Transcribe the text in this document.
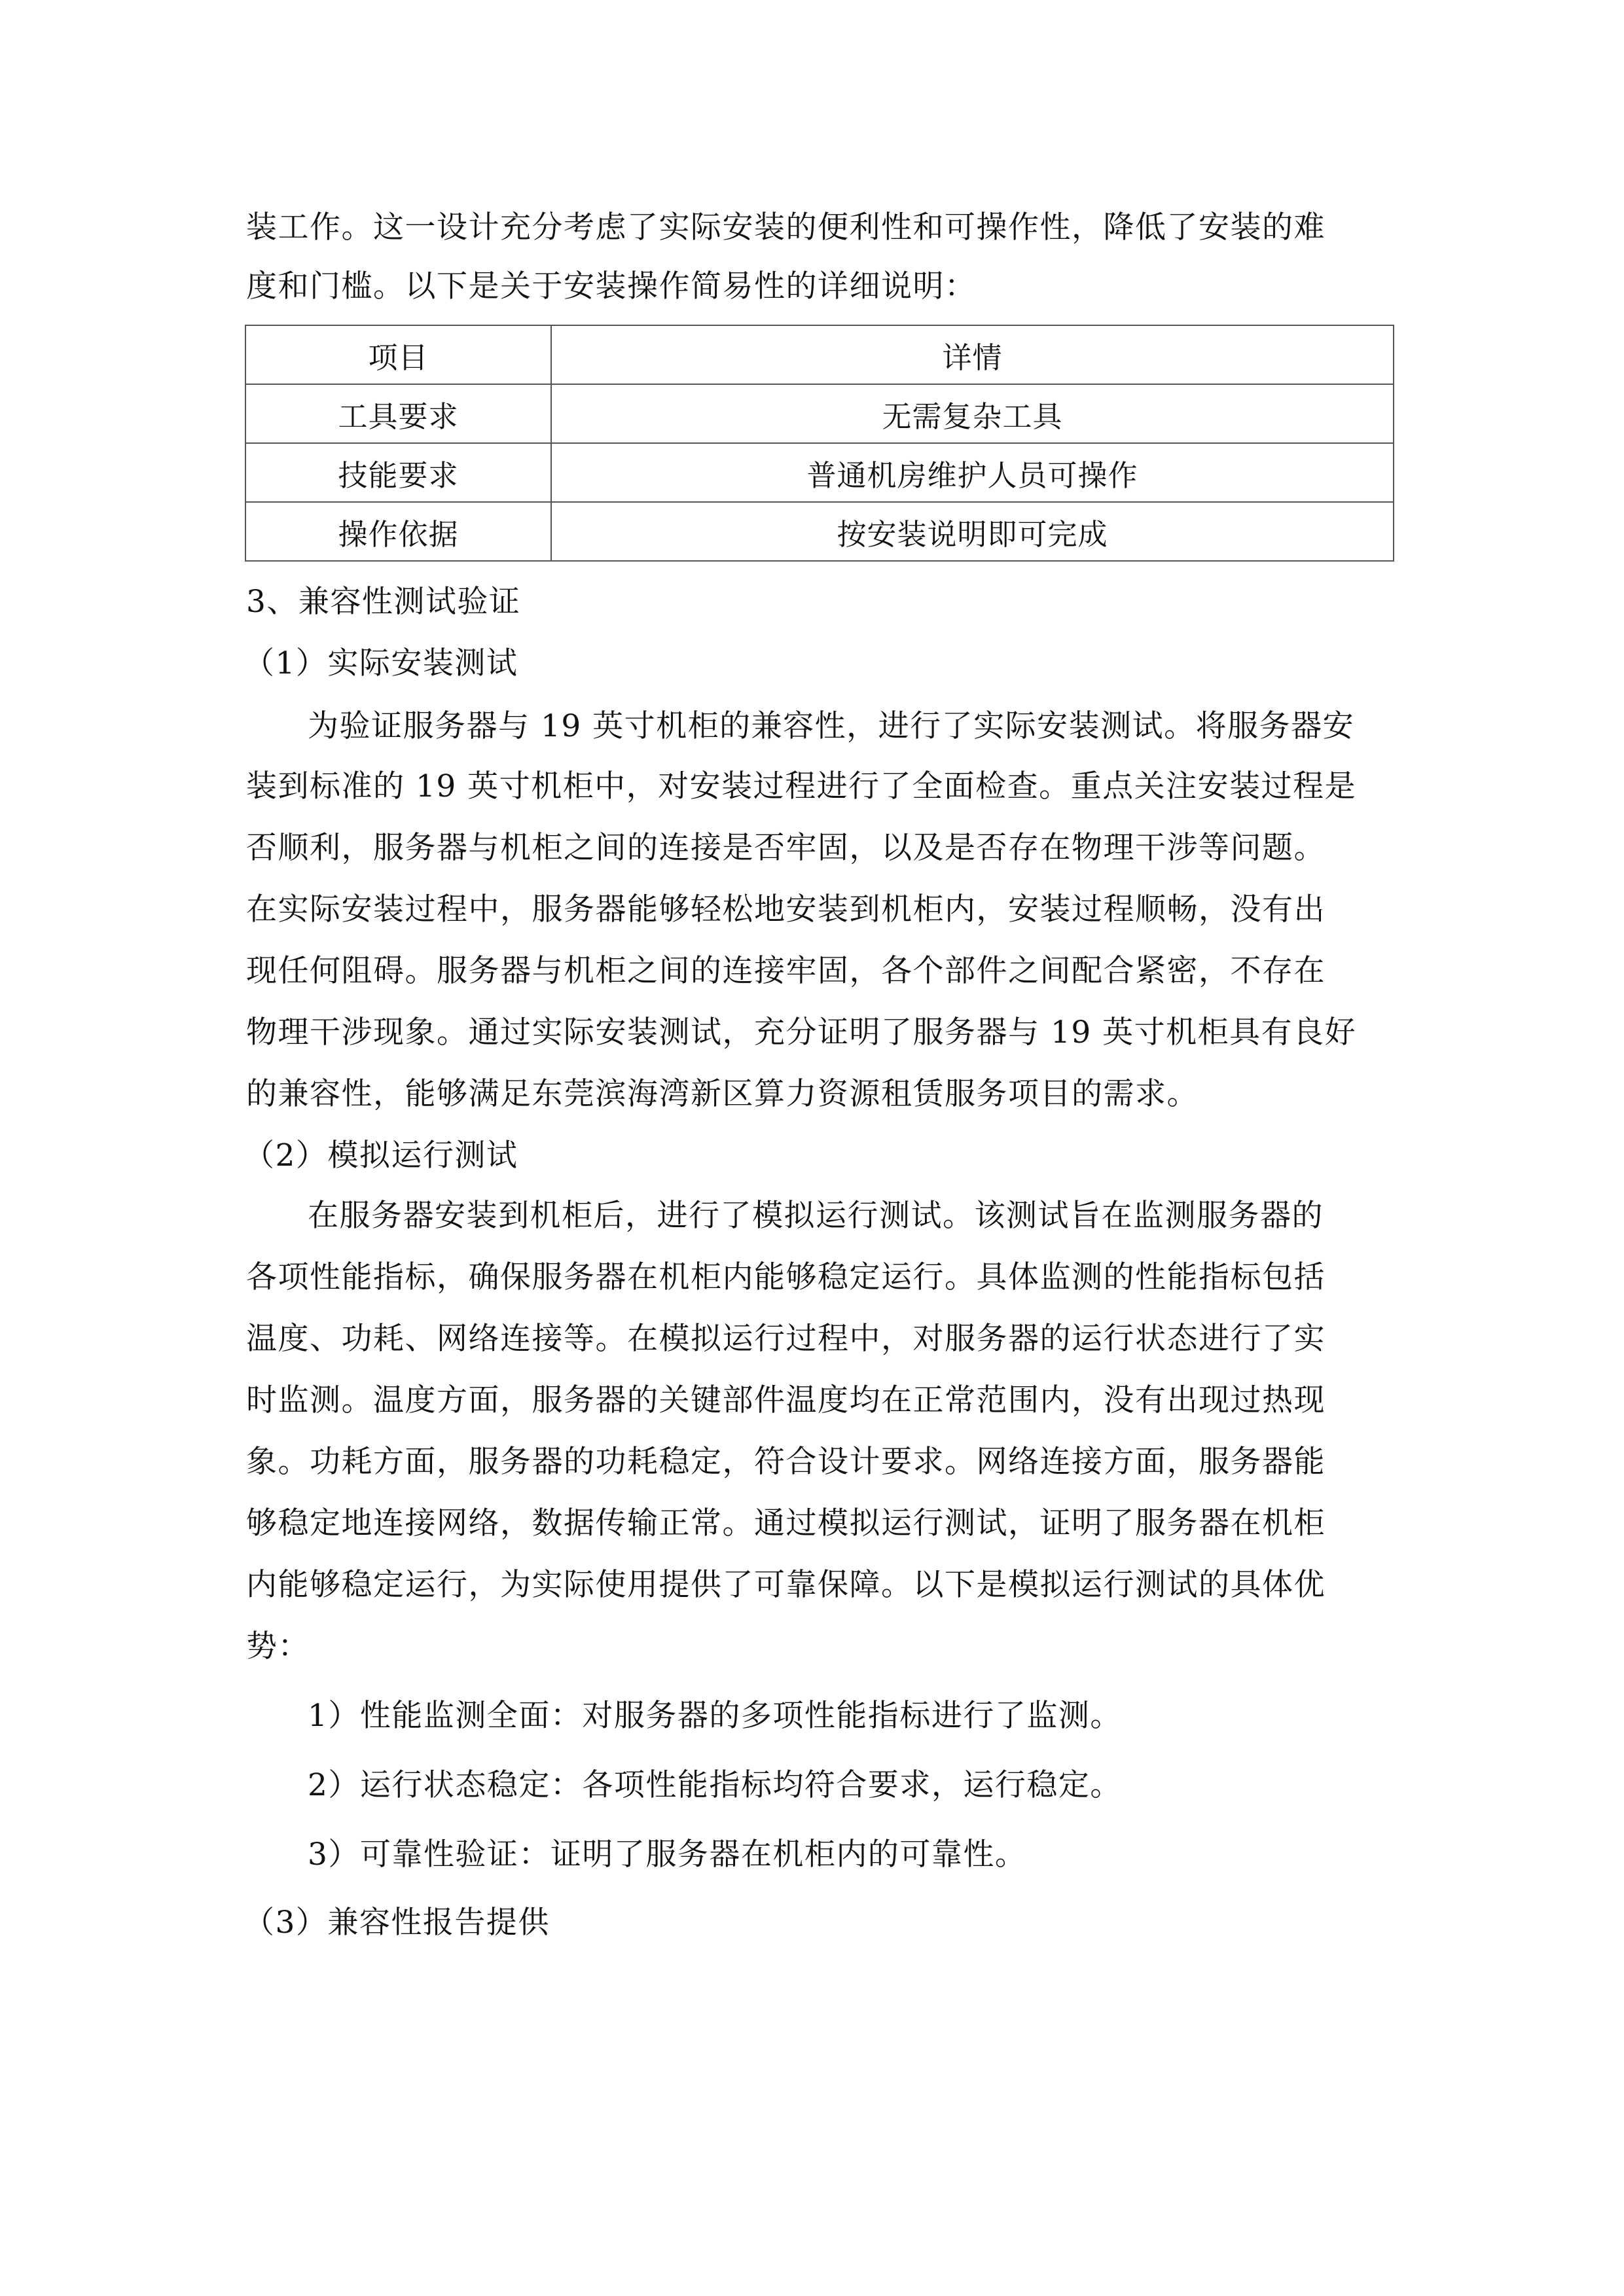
装工作。这一设计充分考虑了实际安装的便利性和可操作性，降低了安装的难
度和门槛。以下是关于安装操作简易性的详细说明：
项目	详情
工具要求	无需复杂工具
技能要求	普通机房维护人员可操作
操作依据	按安装说明即可完成
3、兼容性测试验证
（1）实际安装测试
为验证服务器与 19 英寸机柜的兼容性，进行了实际安装测试。将服务器安
装到标准的 19 英寸机柜中，对安装过程进行了全面检查。重点关注安装过程是
否顺利，服务器与机柜之间的连接是否牢固，以及是否存在物理干涉等问题。
在实际安装过程中，服务器能够轻松地安装到机柜内，安装过程顺畅，没有出
现任何阻碍。服务器与机柜之间的连接牢固，各个部件之间配合紧密，不存在
物理干涉现象。通过实际安装测试，充分证明了服务器与 19 英寸机柜具有良好
的兼容性，能够满足东莞滨海湾新区算力资源租赁服务项目的需求。
（2）模拟运行测试
在服务器安装到机柜后，进行了模拟运行测试。该测试旨在监测服务器的
各项性能指标，确保服务器在机柜内能够稳定运行。具体监测的性能指标包括
温度、功耗、网络连接等。在模拟运行过程中，对服务器的运行状态进行了实
时监测。温度方面，服务器的关键部件温度均在正常范围内，没有出现过热现
象。功耗方面，服务器的功耗稳定，符合设计要求。网络连接方面，服务器能
够稳定地连接网络，数据传输正常。通过模拟运行测试，证明了服务器在机柜
内能够稳定运行，为实际使用提供了可靠保障。以下是模拟运行测试的具体优
势：
1）性能监测全面：对服务器的多项性能指标进行了监测。
2）运行状态稳定：各项性能指标均符合要求，运行稳定。
3）可靠性验证：证明了服务器在机柜内的可靠性。
（3）兼容性报告提供
